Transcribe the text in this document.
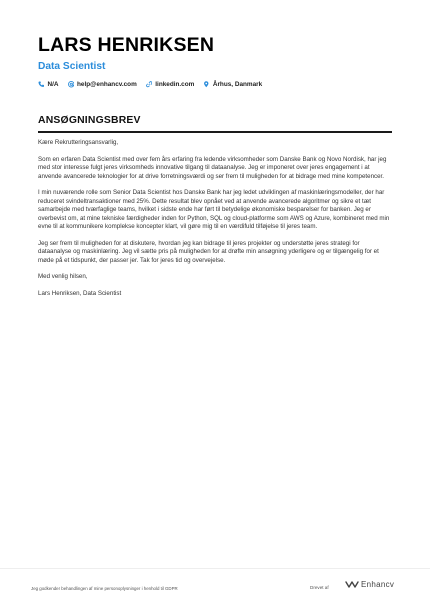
LARS HENRIKSEN
Data Scientist
N/A	help@enhancv.com	linkedin.com	Århus, Danmark
ANSØGNINGSBREV

Kære Rekrutteringsansvarlig,

Som en erfaren Data Scientist med over fem års erfaring fra ledende virksomheder som Danske Bank og Novo Nordisk, har jeg med stor interesse fulgt jeres virksomheds innovative tilgang til dataanalyse. Jeg er imponeret over jeres engagement i at anvende avancerede teknologier for at drive forretningsværdi og ser frem til muligheden for at bidrage med mine kompetencer.

I min nuværende rolle som Senior Data Scientist hos Danske Bank har jeg ledet udviklingen af maskinlæringsmodeller, der har reduceret svindeltransaktioner med 25%. Dette resultat blev opnået ved at anvende avancerede algoritmer og sikre et tæt samarbejde med tværfaglige teams, hvilket i sidste ende har ført til betydelige økonomiske besparelser for banken. Jeg er overbevist om, at mine tekniske færdigheder inden for Python, SQL og cloud-platforme som AWS og Azure, kombineret med min evne til at kommunikere komplekse koncepter klart, vil gøre mig til en værdifuld tilføjelse til jeres team.

Jeg ser frem til muligheden for at diskutere, hvordan jeg kan bidrage til jeres projekter og understøtte jeres strategi for dataanalyse og maskinlæring. Jeg vil sætte pris på muligheden for at drøfte min ansøgning yderligere og er tilgængelig for et møde på et tidspunkt, der passer jer. Tak for jeres tid og overvejelse.

Med venlig hilsen,

Lars Henriksen, Data Scientist

Jeg godkender behandlingen af mine personoplysninger i henhold til GDPR	Drevet af	Enhancv
